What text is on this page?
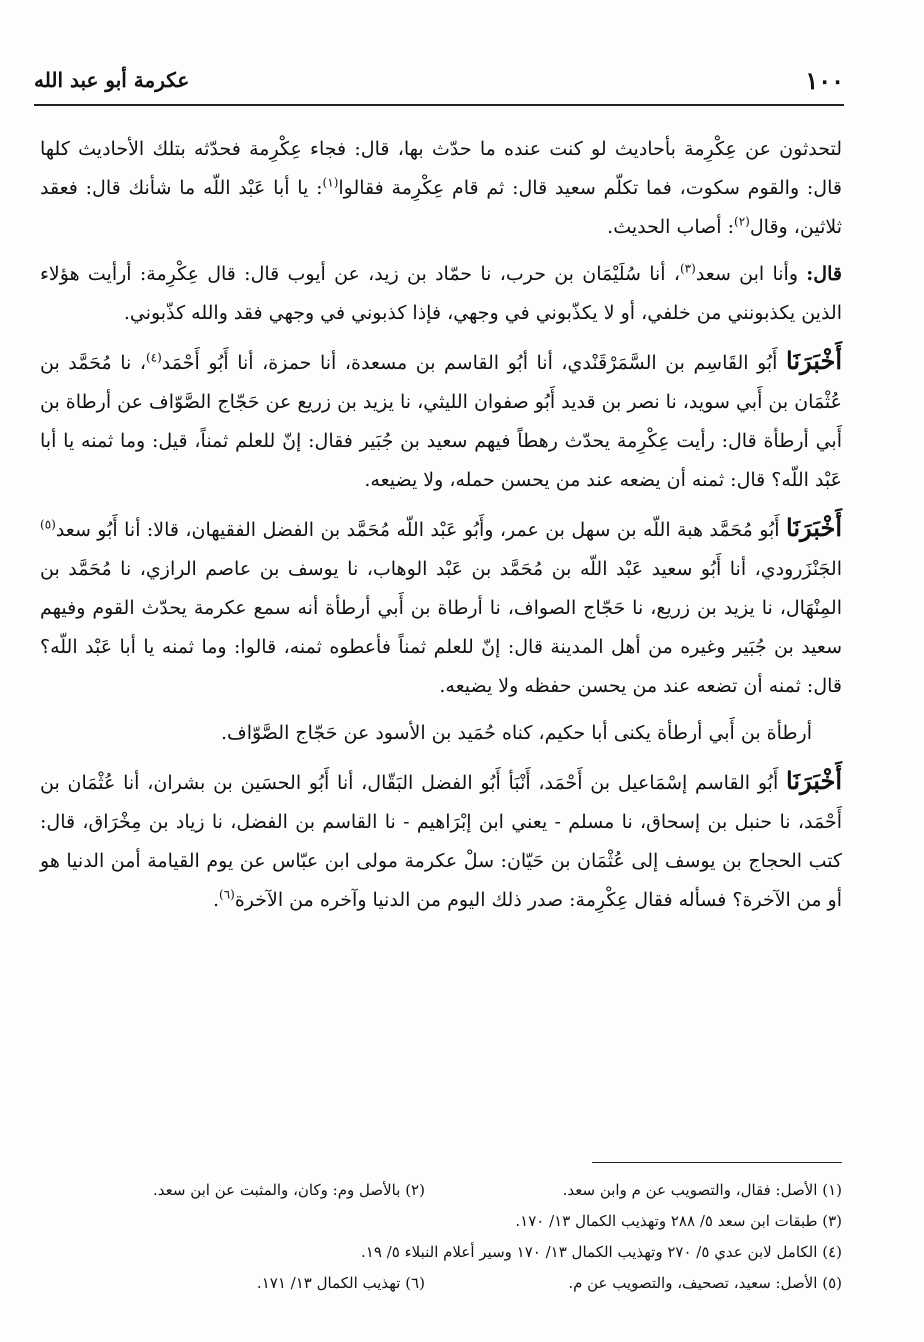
١٠٠
عكرمة أبو عبد الله

لتحدثون عن عِكْرِمة بأحاديث لو كنت عنده ما حدّث بها، قال: فجاء عِكْرِمة فحدّثه بتلك الأحاديث كلها قال: والقوم سكوت، فما تكلّم سعيد قال: ثم قام عِكْرِمة فقالوا$^{(١)}$: يا أبا عَبْد اللّه ما شأنك قال: فعقد ثلاثين، وقال$^{(٢)}$: أصاب الحديث.

قال: وأنا ابن سعد$^{(٣)}$، أنا سُلَيْمَان بن حرب، نا حمّاد بن زيد، عن أيوب قال: قال عِكْرِمة: أرأيت هؤلاء الذين يكذبونني من خلفي، أو لا يكذّبوني في وجهي، فإذا كذبوني في وجهي فقد والله كذّبوني.

أَخْبَرَنَا أَبُو القَاسِم بن السَّمَرْقَنْدي، أنا أبُو القاسم بن مسعدة، أنا حمزة، أنا أَبُو أَحْمَد$^{(٤)}$، نا مُحَمَّد بن عُثْمَان بن أَبي سويد، نا نصر بن قديد أَبُو صفوان الليثي، نا يزيد بن زريع عن حَجّاج الصَّوّاف عن أرطاة بن أَبي أرطأة قال: رأيت عِكْرِمة يحدّث رهطاً فيهم سعيد بن جُبَير فقال: إنّ للعلم ثمناً، قيل: وما ثمنه يا أبا عَبْد اللّه؟ قال: ثمنه أن يضعه عند من يحسن حمله، ولا يضيعه.

أَخْبَرَنَا أَبُو مُحَمَّد هبة اللّه بن سهل بن عمر، وأَبُو عَبْد اللّه مُحَمَّد بن الفضل الفقيهان، قالا: أنا أَبُو سعد$^{(٥)}$ الجَنْزَرودي، أنا أَبُو سعيد عَبْد اللّه بن مُحَمَّد بن عَبْد الوهاب، نا يوسف بن عاصم الرازي، نا مُحَمَّد بن المِنْهَال، نا يزيد بن زريع، نا حَجّاج الصواف، نا أرطاة بن أَبي أرطأة أنه سمع عكرمة يحدّث القوم وفيهم سعيد بن جُبَير وغيره من أهل المدينة قال: إنّ للعلم ثمناً فأعطوه ثمنه، قالوا: وما ثمنه يا أبا عَبْد اللّه؟ قال: ثمنه أن تضعه عند من يحسن حفظه ولا يضيعه.

أرطأة بن أَبي أرطأة يكنى أبا حكيم، كناه حُمَيد بن الأسود عن حَجّاج الصَّوّاف.

أَخْبَرَنَا أَبُو القاسم إسْمَاعيل بن أَحْمَد، أَنْبَأ أَبُو الفضل البَقّال، أنا أَبُو الحسَين بن بشران، أنا عُثْمَان بن أَحْمَد، نا حنبل بن إسحاق، نا مسلم - يعني ابن إبْرَاهيم - نا القاسم بن الفضل، نا زياد بن مِخْرَاق، قال: كتب الحجاج بن يوسف إلى عُثْمَان بن حَيّان: سلْ عكرمة مولى ابن عبّاس عن يوم القيامة أمن الدنيا هو أو من الآخرة؟ فسأله فقال عِكْرِمة: صدر ذلك اليوم من الدنيا وآخره من الآخرة$^{(٦)}$.

(١) الأصل: فقال، والتصويب عن م وابن سعد.
(٢) بالأصل وم: وكان، والمثبت عن ابن سعد.
(٣) طبقات ابن سعد ٥/ ٢٨٨ وتهذيب الكمال ١٣/ ١٧٠.
(٤) الكامل لابن عدي ٥/ ٢٧٠ وتهذيب الكمال ١٣/ ١٧٠ وسير أعلام النبلاء ٥/ ١٩.
(٥) الأصل: سعيد، تصحيف، والتصويب عن م.
(٦) تهذيب الكمال ١٣/ ١٧١.
